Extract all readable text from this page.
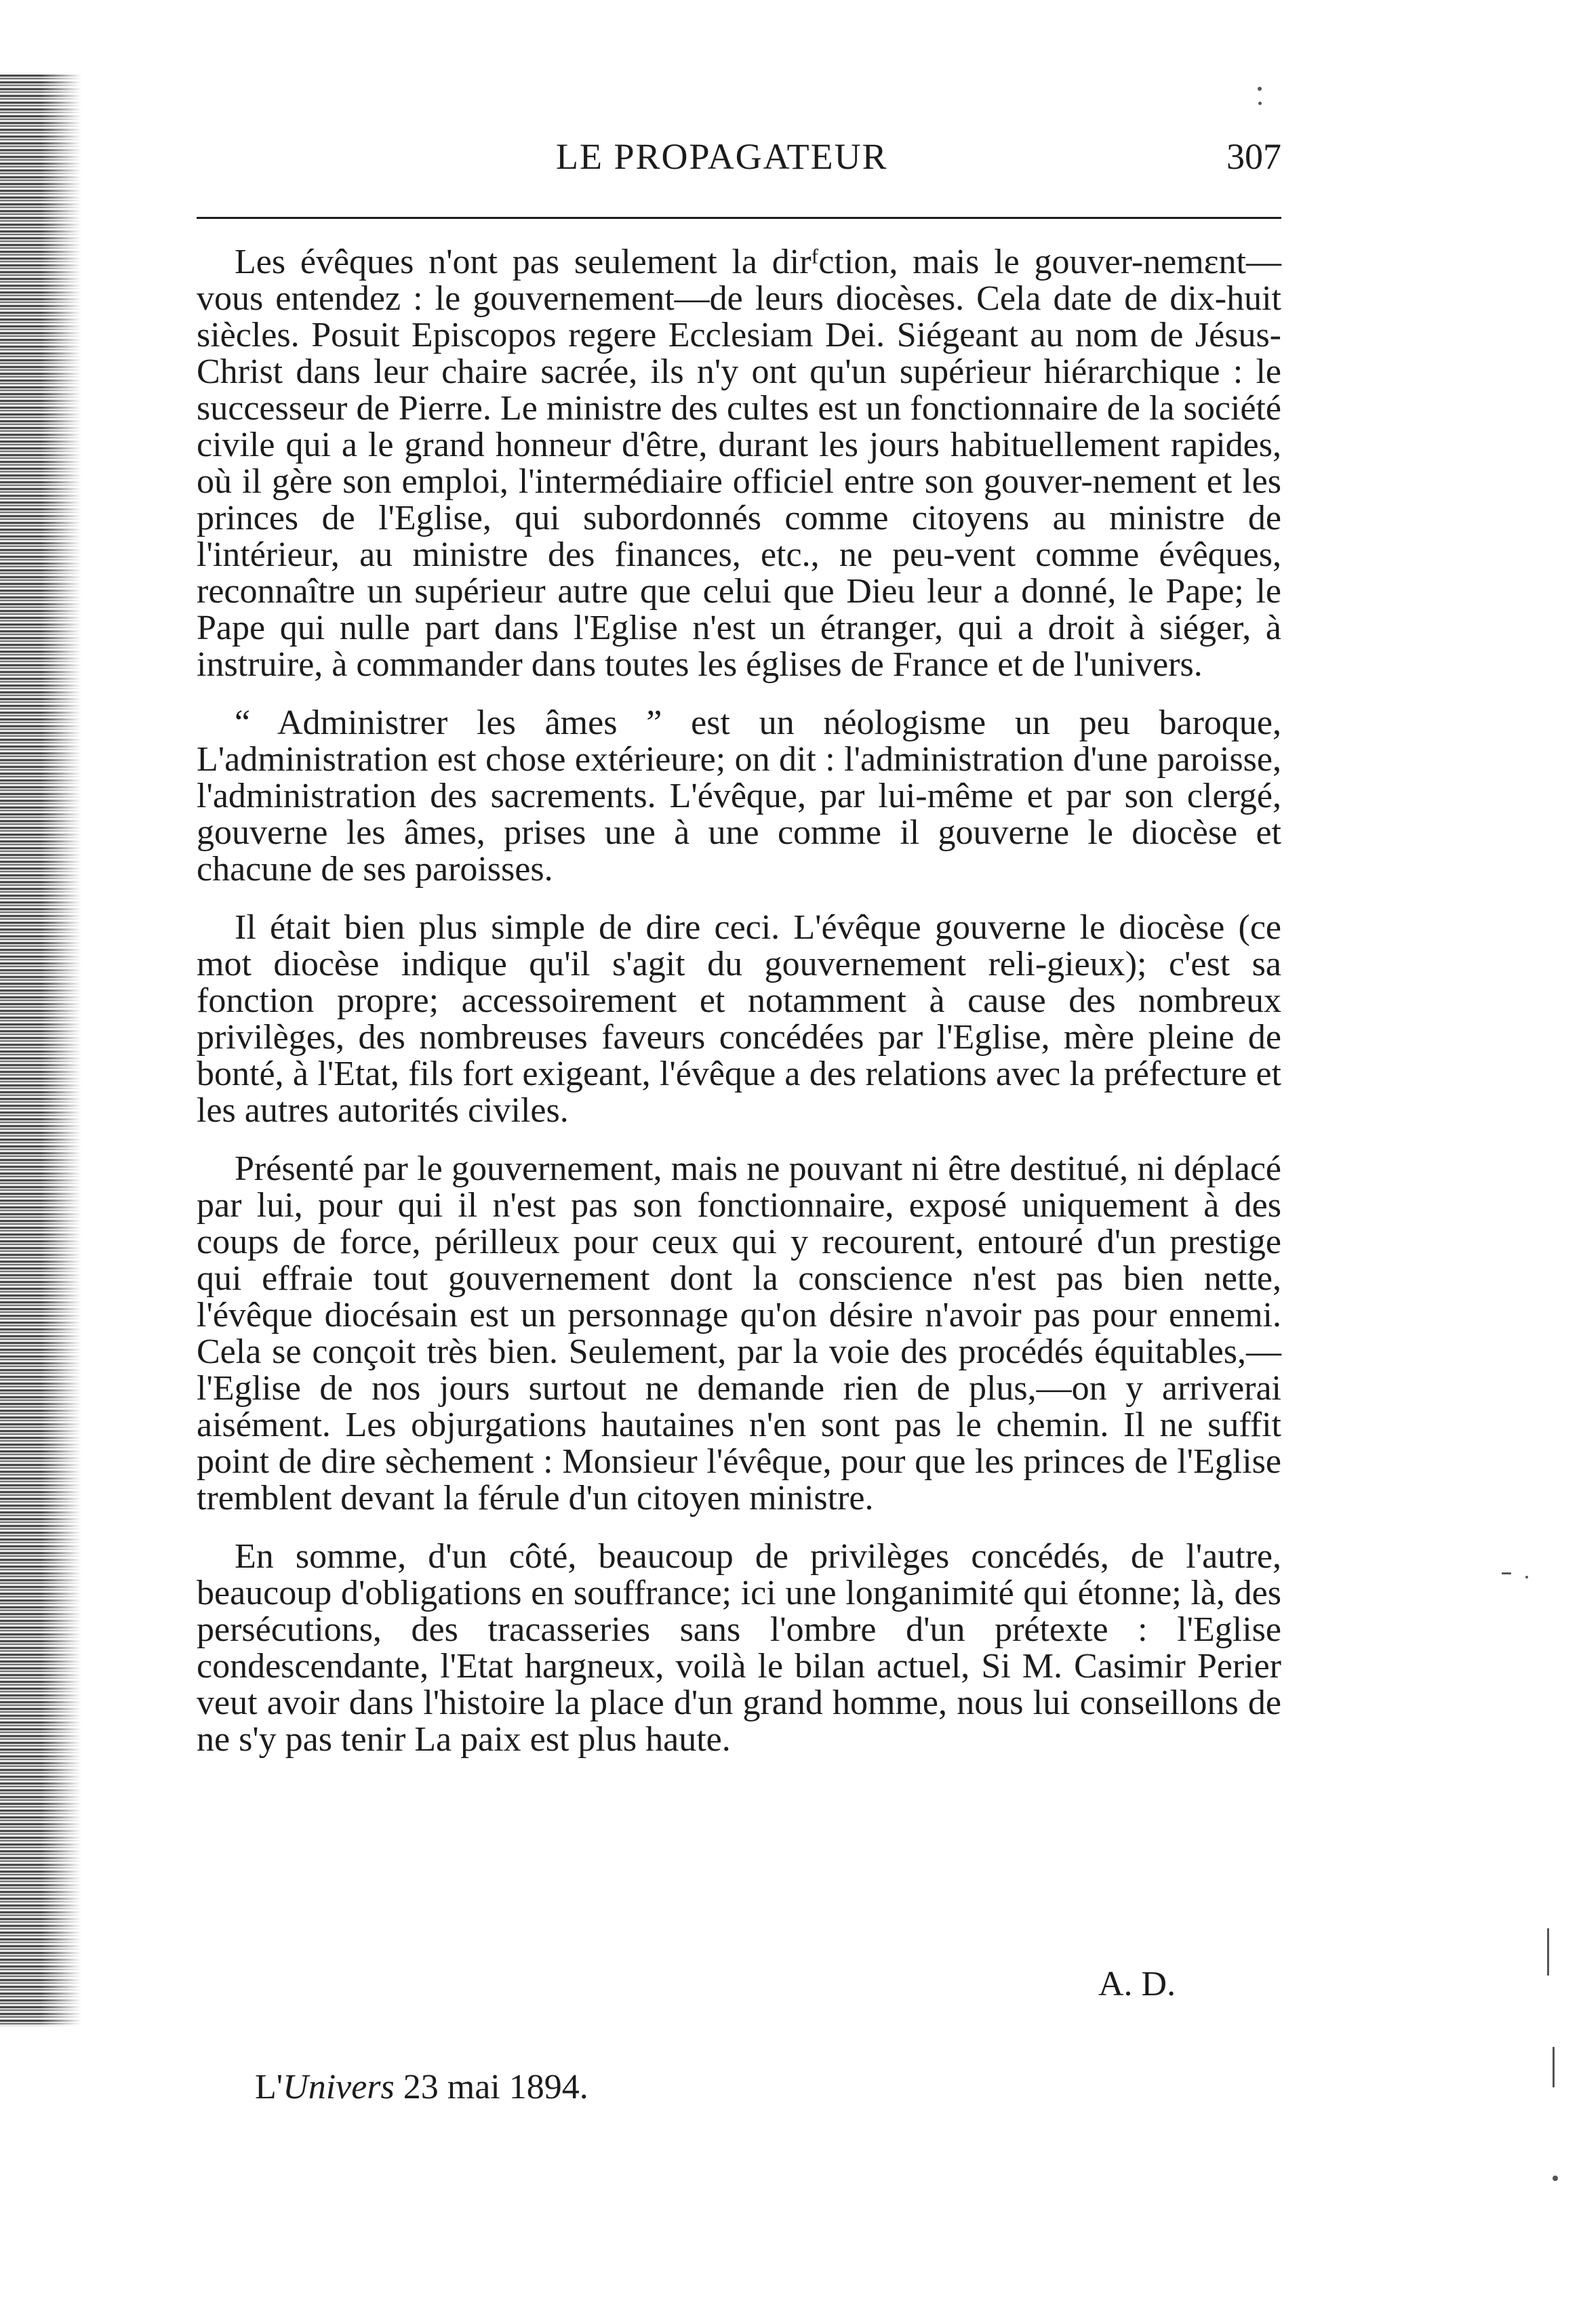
LE PROPAGATEUR	307

Les évêques n'ont pas seulement la dirᶠction, mais le gouver-nemεnt— vous entendez : le gouvernement—de leurs diocèses. Cela date de dix-huit siècles. Posuit Episcopos regere Ecclesiam Dei. Siégeant au nom de Jésus-Christ dans leur chaire sacrée, ils n'y ont qu'un supérieur hiérarchique : le successeur de Pierre. Le ministre des cultes est un fonctionnaire de la société civile qui a le grand honneur d'être, durant les jours habituellement rapides, où il gère son emploi, l'intermédiaire officiel entre son gouver-nement et les princes de l'Eglise, qui subordonnés comme citoyens au ministre de l'intérieur, au ministre des finances, etc., ne peu-vent comme évêques, reconnaître un supérieur autre que celui que Dieu leur a donné, le Pape; le Pape qui nulle part dans l'Eglise n'est un étranger, qui a droit à siéger, à instruire, à commander dans toutes les églises de France et de l'univers.

“ Administrer les âmes ” est un néologisme un peu baroque, L'administration est chose extérieure; on dit : l'administration d'une paroisse, l'administration des sacrements. L'évêque, par lui-même et par son clergé, gouverne les âmes, prises une à une comme il gouverne le diocèse et chacune de ses paroisses.

Il était bien plus simple de dire ceci. L'évêque gouverne le diocèse (ce mot diocèse indique qu'il s'agit du gouvernement reli-gieux); c'est sa fonction propre; accessoirement et notamment à cause des nombreux privilèges, des nombreuses faveurs concédées par l'Eglise, mère pleine de bonté, à l'Etat, fils fort exigeant, l'évêque a des relations avec la préfecture et les autres autorités civiles.

Présenté par le gouvernement, mais ne pouvant ni être destitué, ni déplacé par lui, pour qui il n'est pas son fonctionnaire, exposé uniquement à des coups de force, périlleux pour ceux qui y recourent, entouré d'un prestige qui effraie tout gouvernement dont la conscience n'est pas bien nette, l'évêque diocésain est un personnage qu'on désire n'avoir pas pour ennemi. Cela se conçoit très bien. Seulement, par la voie des procédés équitables,—l'Eglise de nos jours surtout ne demande rien de plus,—on y arriverai aisément. Les objurgations hautaines n'en sont pas le chemin. Il ne suffit point de dire sèchement : Monsieur l'évêque, pour que les princes de l'Eglise tremblent devant la férule d'un citoyen ministre.

En somme, d'un côté, beaucoup de privilèges concédés, de l'autre, beaucoup d'obligations en souffrance; ici une longanimité qui étonne; là, des persécutions, des tracasseries sans l'ombre d'un prétexte : l'Eglise condescendante, l'Etat hargneux, voilà le bilan actuel, Si M. Casimir Perier veut avoir dans l'histoire la place d'un grand homme, nous lui conseillons de ne s'y pas tenir La paix est plus haute.

A. D.
L'Univers 23 mai 1894.
